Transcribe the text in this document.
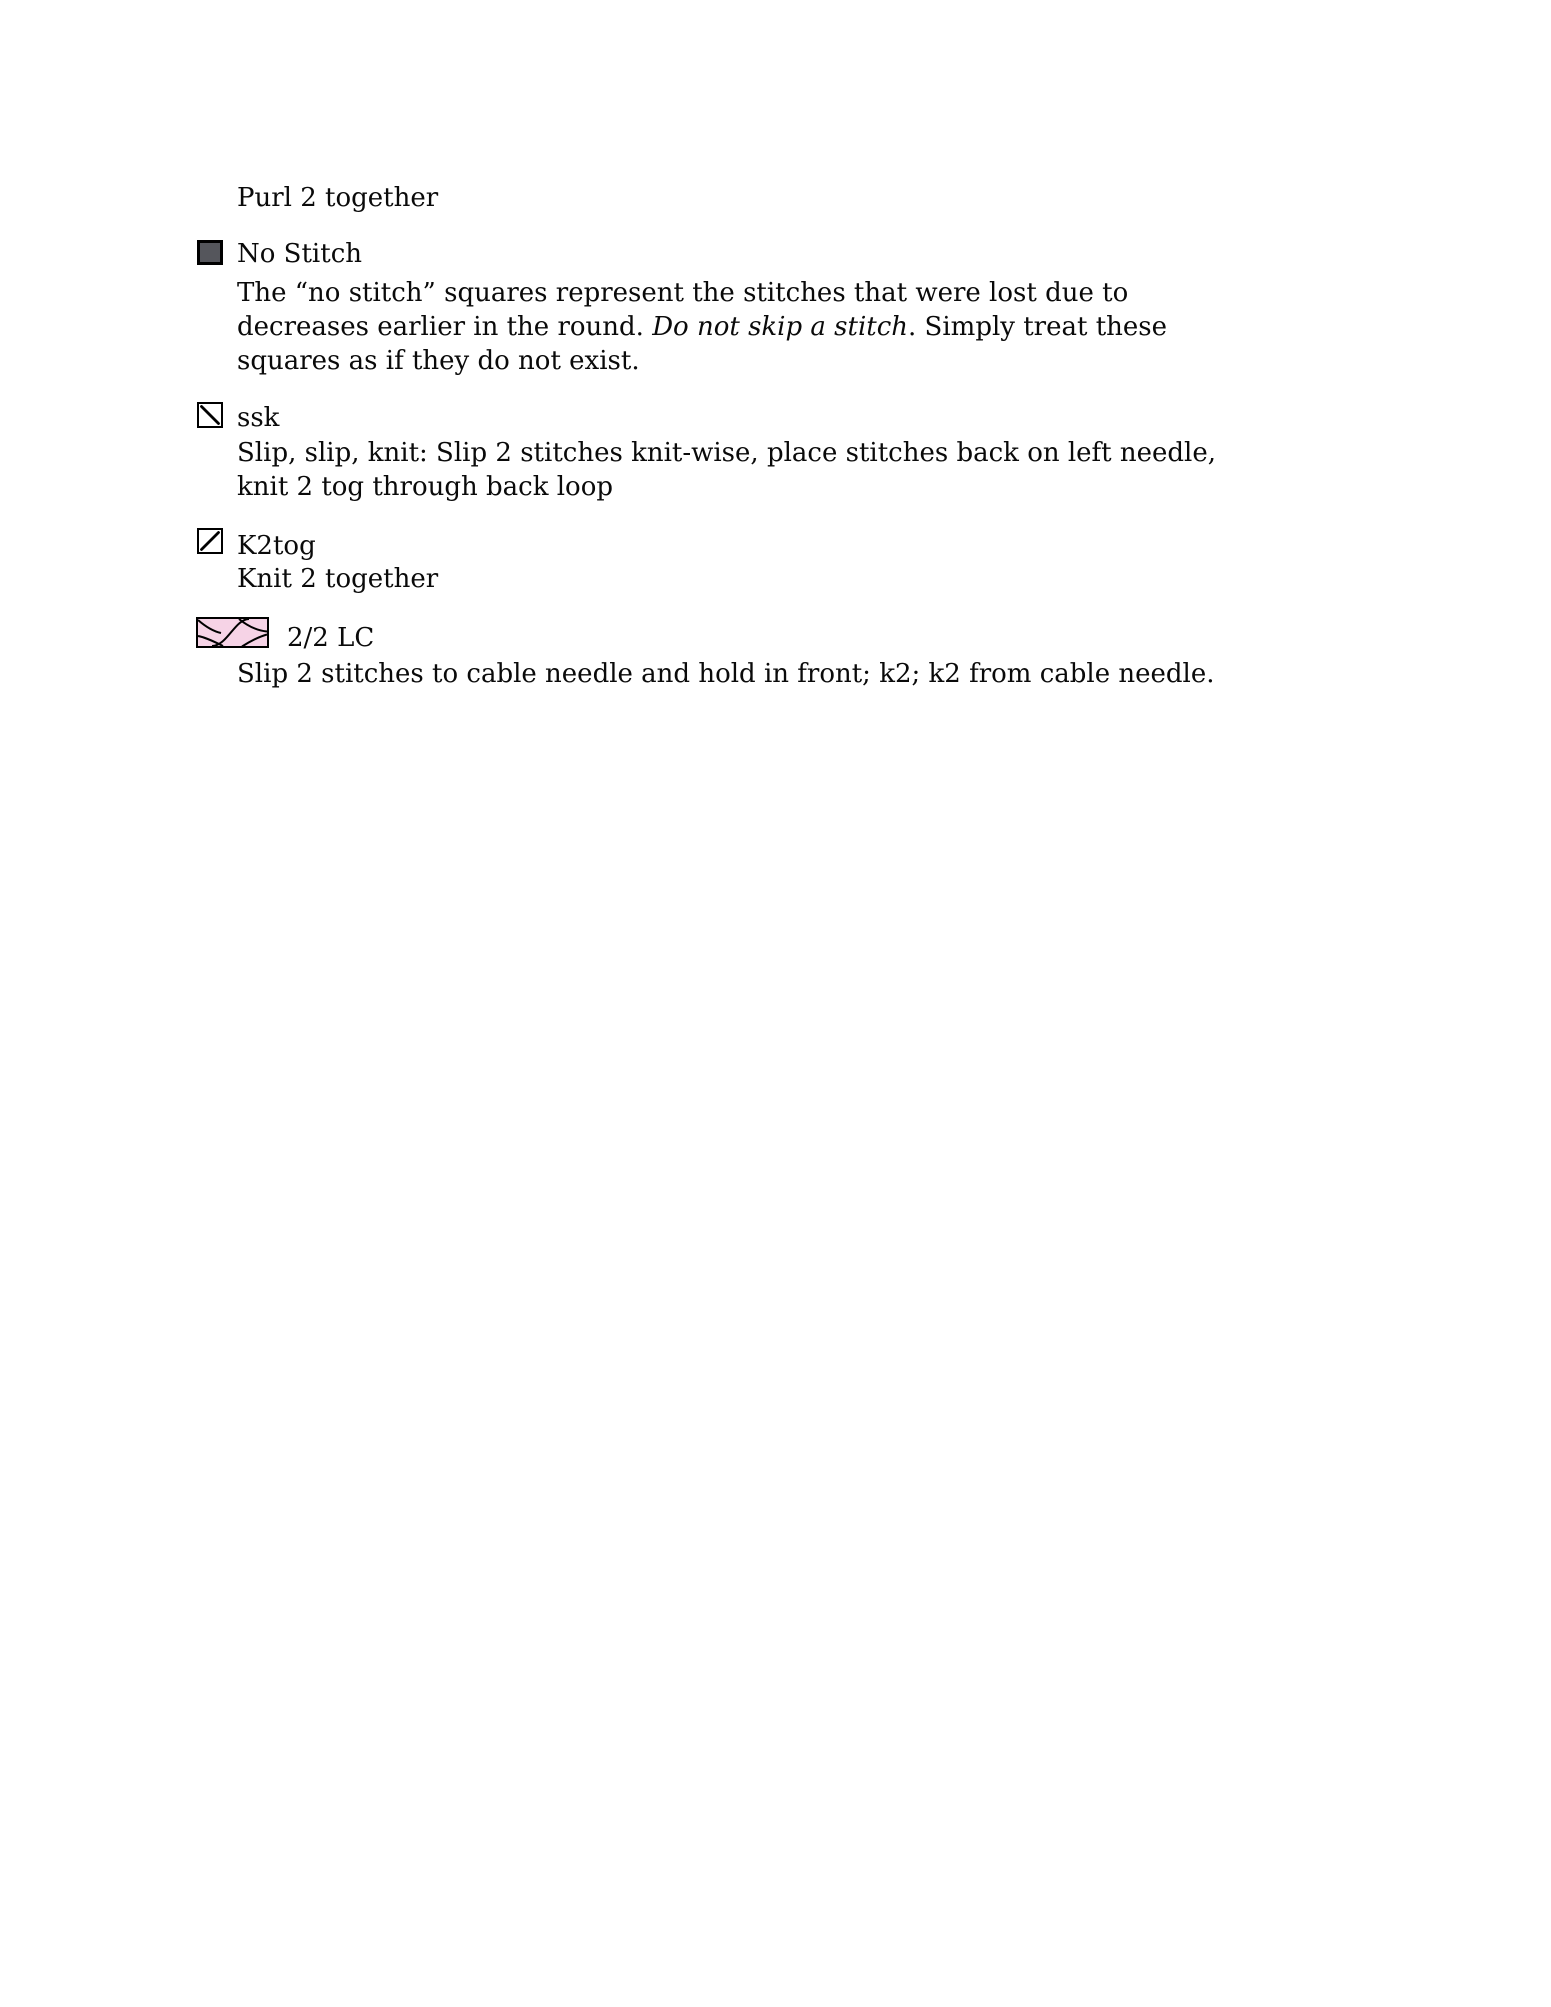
Purl 2 together
No Stitch
The “no stitch” squares represent the stitches that were lost due to
decreases earlier in the round. Do not skip a stitch. Simply treat these
squares as if they do not exist.
ssk
Slip, slip, knit: Slip 2 stitches knit-wise, place stitches back on left needle,
knit 2 tog through back loop
K2tog
Knit 2 together
2/2 LC
Slip 2 stitches to cable needle and hold in front; k2; k2 from cable needle.
